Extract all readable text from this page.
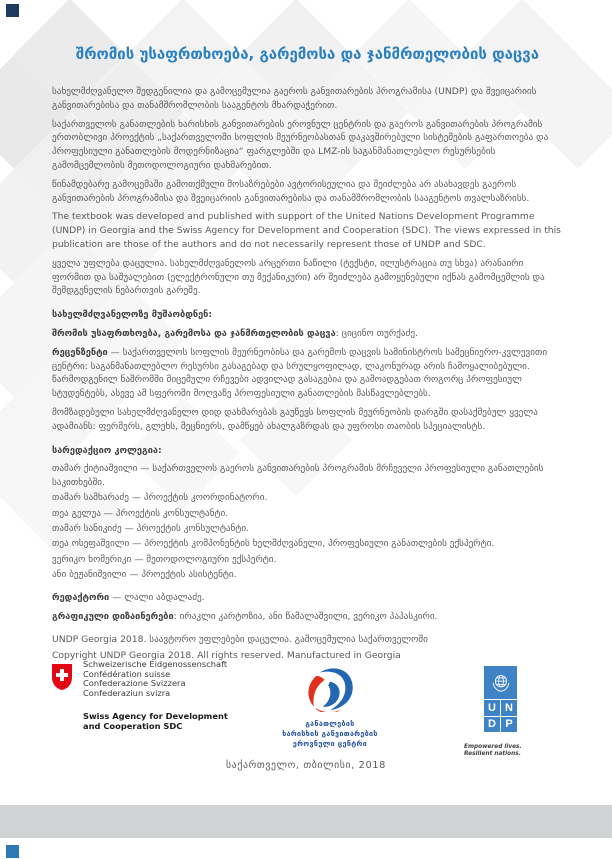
შრომის უსაფრთხოება, გარემოსა და ჯანმრთელობის დაცვა

სახელმძღვანელო შედგენილია და გამოცემულია გაეროს განვითარების პროგრამისა (UNDP) და შვეიცარიის განვითარებისა და თანამშრომლობის სააგენტოს მხარდაჭერით.

საქართველოს განათლების ხარისხის განვითარების ეროვნულ ცენტრის და გაეროს განვითარების პროგრამის ერთობლივი პროექტის „საქართველოში სოფლის მეურნეობასთან დაკავშირებული სისტემების გაფართოება და პროფესიული განათლების მოდერნიზაცია“ ფარგლებში და LMZ-ის საგანმანათლებლო რესურსების გამომცემლობის მეთოდოლოგიური დახმარებით.

წინამდებარე გამოცემაში გამოთქმული მოსაზრებები ავტორისეულია და შეიძლება არ ასახავდეს გაეროს განვითარების პროგრამისა და შვეიცარიის განვითარებისა და თანამშრომლობის სააგენტოს თვალსაზრისს.

The textbook was developed and published with support of the United Nations Development Programme (UNDP) in Georgia and the Swiss Agency for Development and Cooperation (SDC). The views expressed in this publication are those of the authors and do not necessarily represent those of UNDP and SDC.

ყველა უფლება დაცულია. სახელმძღვანელოს არცერთი ნაწილი (ტექსტი, ილუსტრაცია თუ სხვა) არანაირი ფორმით და საშუალებით (ელექტრონული თუ მექანიკური) არ შეიძლება გამოყენებული იქნას გამომცემლის და შემდგენელის ნებართვის გარეშე.

სახელმძღვანელოზე მუშაობდნენ:

შრომის უსაფრთხოება, გარემოსა და ჯანმრთელობის დაცვა: ციცინო თურქაძე.

რეცენზენტი — საქართველოს სოფლის მეურნეობისა და გარემოს დაცვის სამინისტროს სამეცნიერო-კვლევითი ცენტრი: საგანმანათლებლო რესურსი გასაგებად და სრულყოფილად, ლაკონურად არის ჩამოყალიბებული. წარმოდგენილ ნაშრომში მიცემული რჩევები ადვილად გასაგებია და გამოადგებათ როგორც პროფესიულ სტუდენტებს, ასევე ამ სფეროში მოღვაწე პროფესიული განათლების მასწავლებლებს.

მომზადებული სახელმძღვანელო დიდ დახმარებას გაუწევს სოფლის მეურნეობის დარგში დასაქმებულ ყველა ადამიანს: ფერმერს, გლეხს, მეცნიერს, დამწყებ ახალგაზრდას და უფროსი თაობის სპეციალისტს.

სარედაქციო კოლეგია:

თამარ ქიტიაშვილი — საქართველოს გაეროს განვითარების პროგრამის მრჩეველი პროფესიული განათლების საკითხებში.

თამარ სამხარაძე — პროექტის კოორდინატორი.

თეა გელუა — პროექტის კონსულტანტი.

თამარ სანიკიძე — პროექტის კონსულტანტი.

თეა ოსეფაშვილი — პროექტის კომპონენტის ხელმძღვანელი, პროფესიული განათლების ექსპერტი.

ვერიკო ხომერიკი — მეთოდოლოგიური ექსპერტი.

ანი ბეჟანიშვილი — პროექტის ასისტენტი.

რედაქტორი — ლალი აბდალაძე.

გრაფიკული დიზაინერები: ირაკლი კარტოზია, ანი წამალაშვილი, ვერიკო პაპასკირი.

UNDP Georgia 2018. საავტორო უფლებები დაცულია. გამოცემულია საქართველოში
Copyright UNDP Georgia 2018. All rights reserved. Manufactured in Georgia

Schweizerische Eidgenossenschaft
Confédération suisse
Confederazione Svizzera
Confederaziun svizra
Swiss Agency for Development
and Cooperation SDC	განათლების
ხარისხის განვითარების
ეროვნული ცენტრი
U N
D P
Empowered lives.
Resilient nations.
საქართველო, თბილისი, 2018
